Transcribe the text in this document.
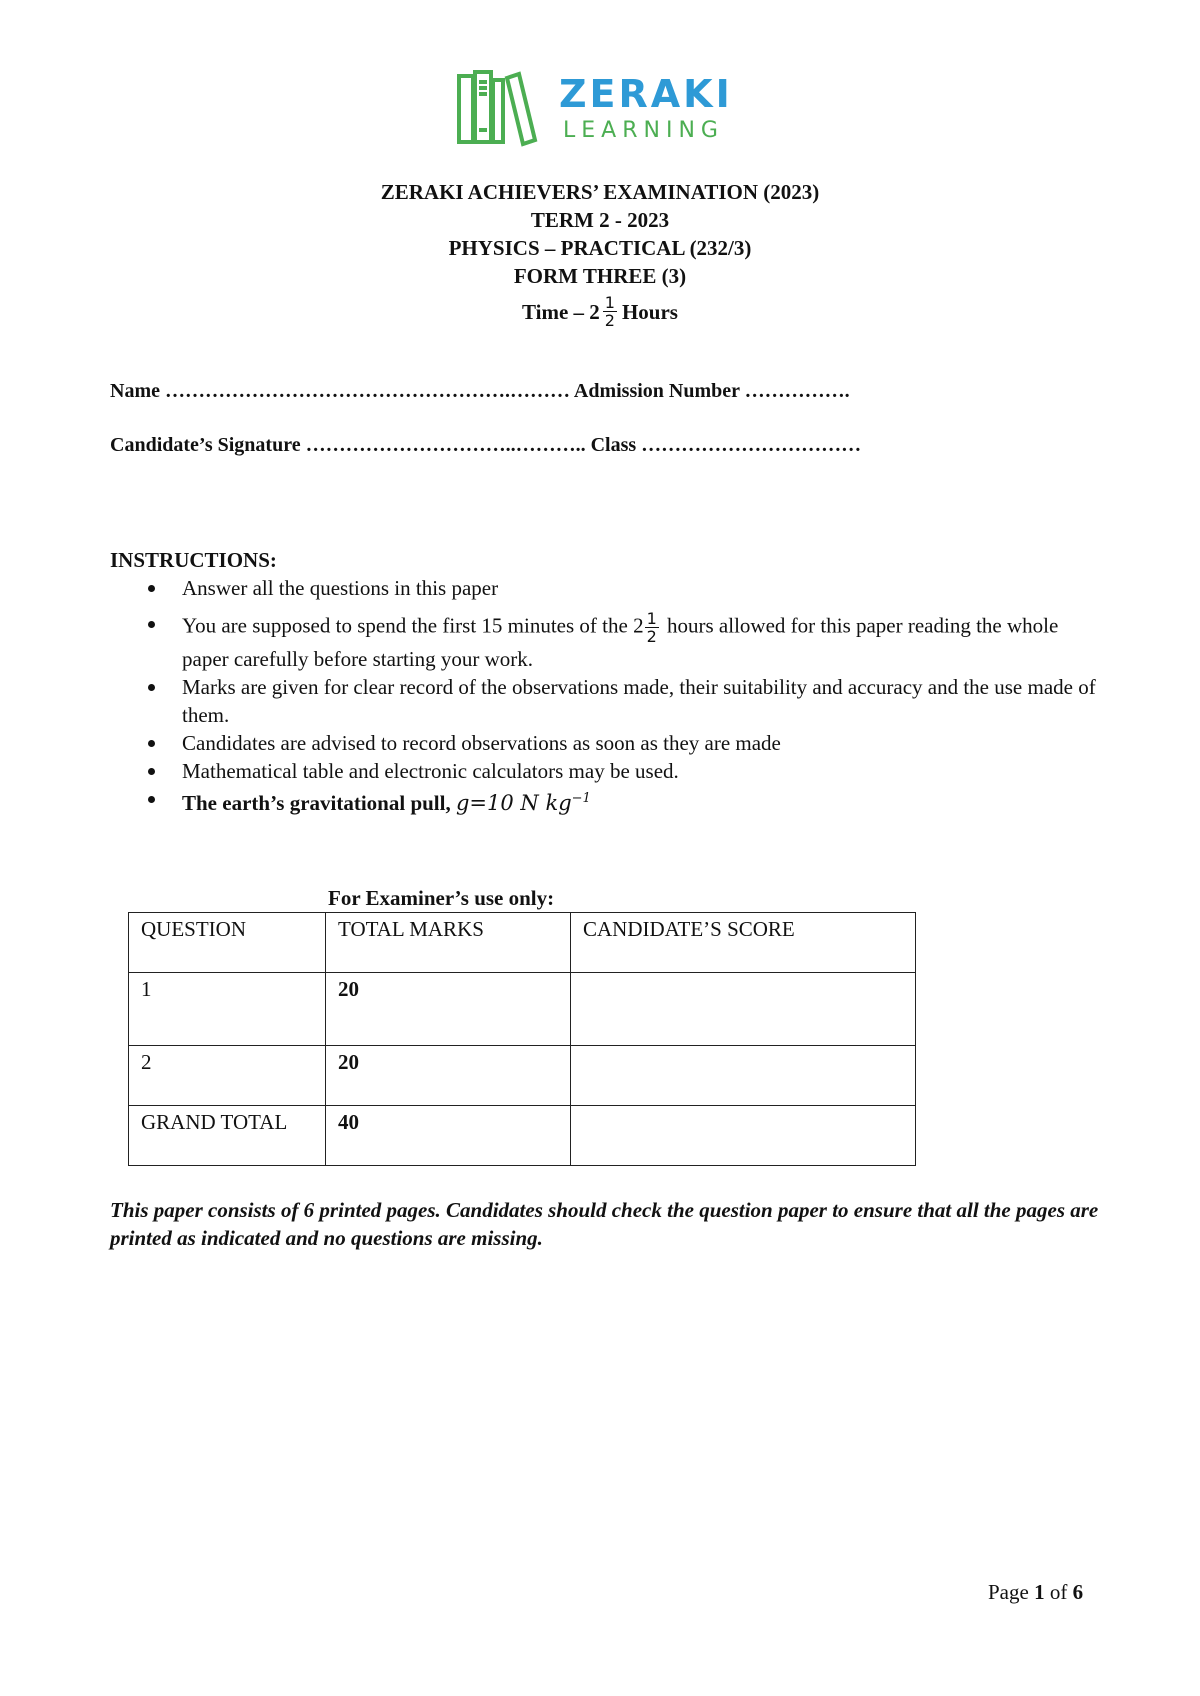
ZERAKI
LEARNING
ZERAKI ACHIEVERS’ EXAMINATION (2023)
TERM 2 - 2023
PHYSICS – PRACTICAL (232/3)
FORM THREE (3)
Time – $2 \frac{1}{2}$ Hours
Name …………………………………………….……… Admission Number …………….
Candidate’s Signature …………………………..……….. Class ……………………………
INSTRUCTIONS:
Answer all the questions in this paper
You are supposed to spend the first 15 minutes of the $2 \frac{1}{2}$ hours allowed for this paper reading the whole paper carefully before starting your work.
Marks are given for clear record of the observations made, their suitability and accuracy and the use made of them.
Candidates are advised to record observations as soon as they are made
Mathematical table and electronic calculators may be used.
The earth’s gravitational pull, g=10 N $kg^{-1}$
For Examiner’s use only:
QUESTION	TOTAL MARKS	CANDIDATE’S SCORE
1	20	
2	20	
GRAND TOTAL	40	
This paper consists of 6 printed pages. Candidates should check the question paper to ensure that all the pages are printed as indicated and no questions are missing.
Page 1 of 6
